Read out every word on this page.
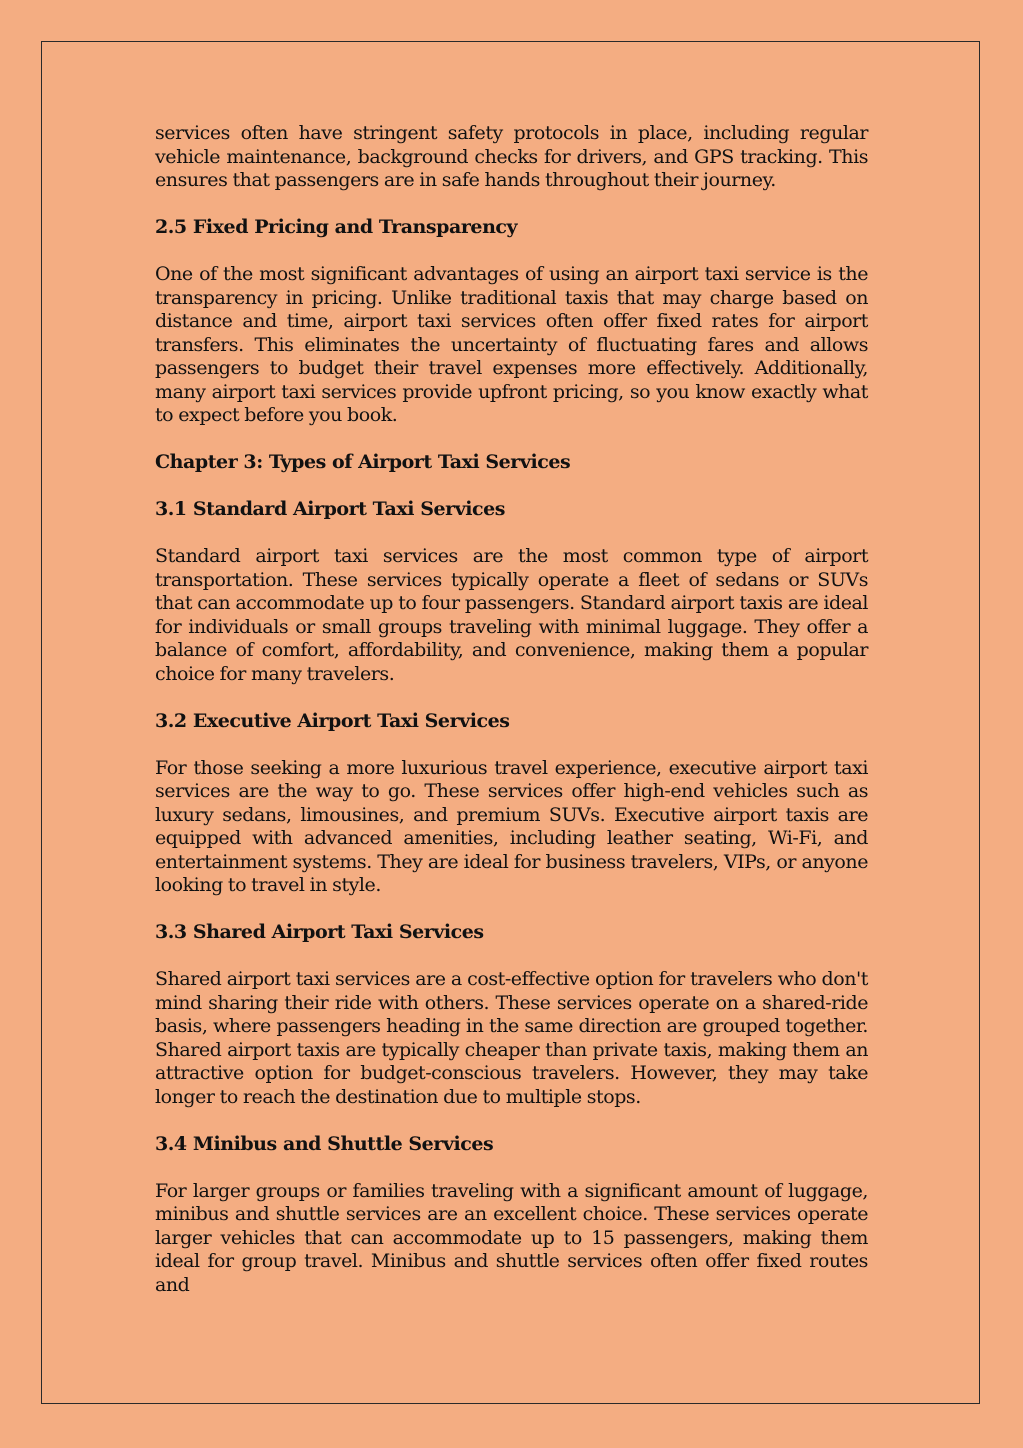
services often have stringent safety protocols in place, including regular vehicle maintenance, background checks for drivers, and GPS tracking. This ensures that passengers are in safe hands throughout their journey.

2.5 Fixed Pricing and Transparency

One of the most significant advantages of using an airport taxi service is the transparency in pricing. Unlike traditional taxis that may charge based on distance and time, airport taxi services often offer fixed rates for airport transfers. This eliminates the uncertainty of fluctuating fares and allows passengers to budget their travel expenses more effectively. Additionally, many airport taxi services provide upfront pricing, so you know exactly what to expect before you book.

Chapter 3: Types of Airport Taxi Services
3.1 Standard Airport Taxi Services

Standard airport taxi services are the most common type of airport transportation. These services typically operate a fleet of sedans or SUVs that can accommodate up to four passengers. Standard airport taxis are ideal for individuals or small groups traveling with minimal luggage. They offer a balance of comfort, affordability, and convenience, making them a popular choice for many travelers.

3.2 Executive Airport Taxi Services

For those seeking a more luxurious travel experience, executive airport taxi services are the way to go. These services offer high-end vehicles such as luxury sedans, limousines, and premium SUVs. Executive airport taxis are equipped with advanced amenities, including leather seating, Wi-Fi, and entertainment systems. They are ideal for business travelers, VIPs, or anyone looking to travel in style.

3.3 Shared Airport Taxi Services

Shared airport taxi services are a cost-effective option for travelers who don't mind sharing their ride with others. These services operate on a shared-ride basis, where passengers heading in the same direction are grouped together. Shared airport taxis are typically cheaper than private taxis, making them an attractive option for budget-conscious travelers. However, they may take longer to reach the destination due to multiple stops.

3.4 Minibus and Shuttle Services

For larger groups or families traveling with a significant amount of luggage, minibus and shuttle services are an excellent choice. These services operate larger vehicles that can accommodate up to 15 passengers, making them ideal for group travel. Minibus and shuttle services often offer fixed routes and
